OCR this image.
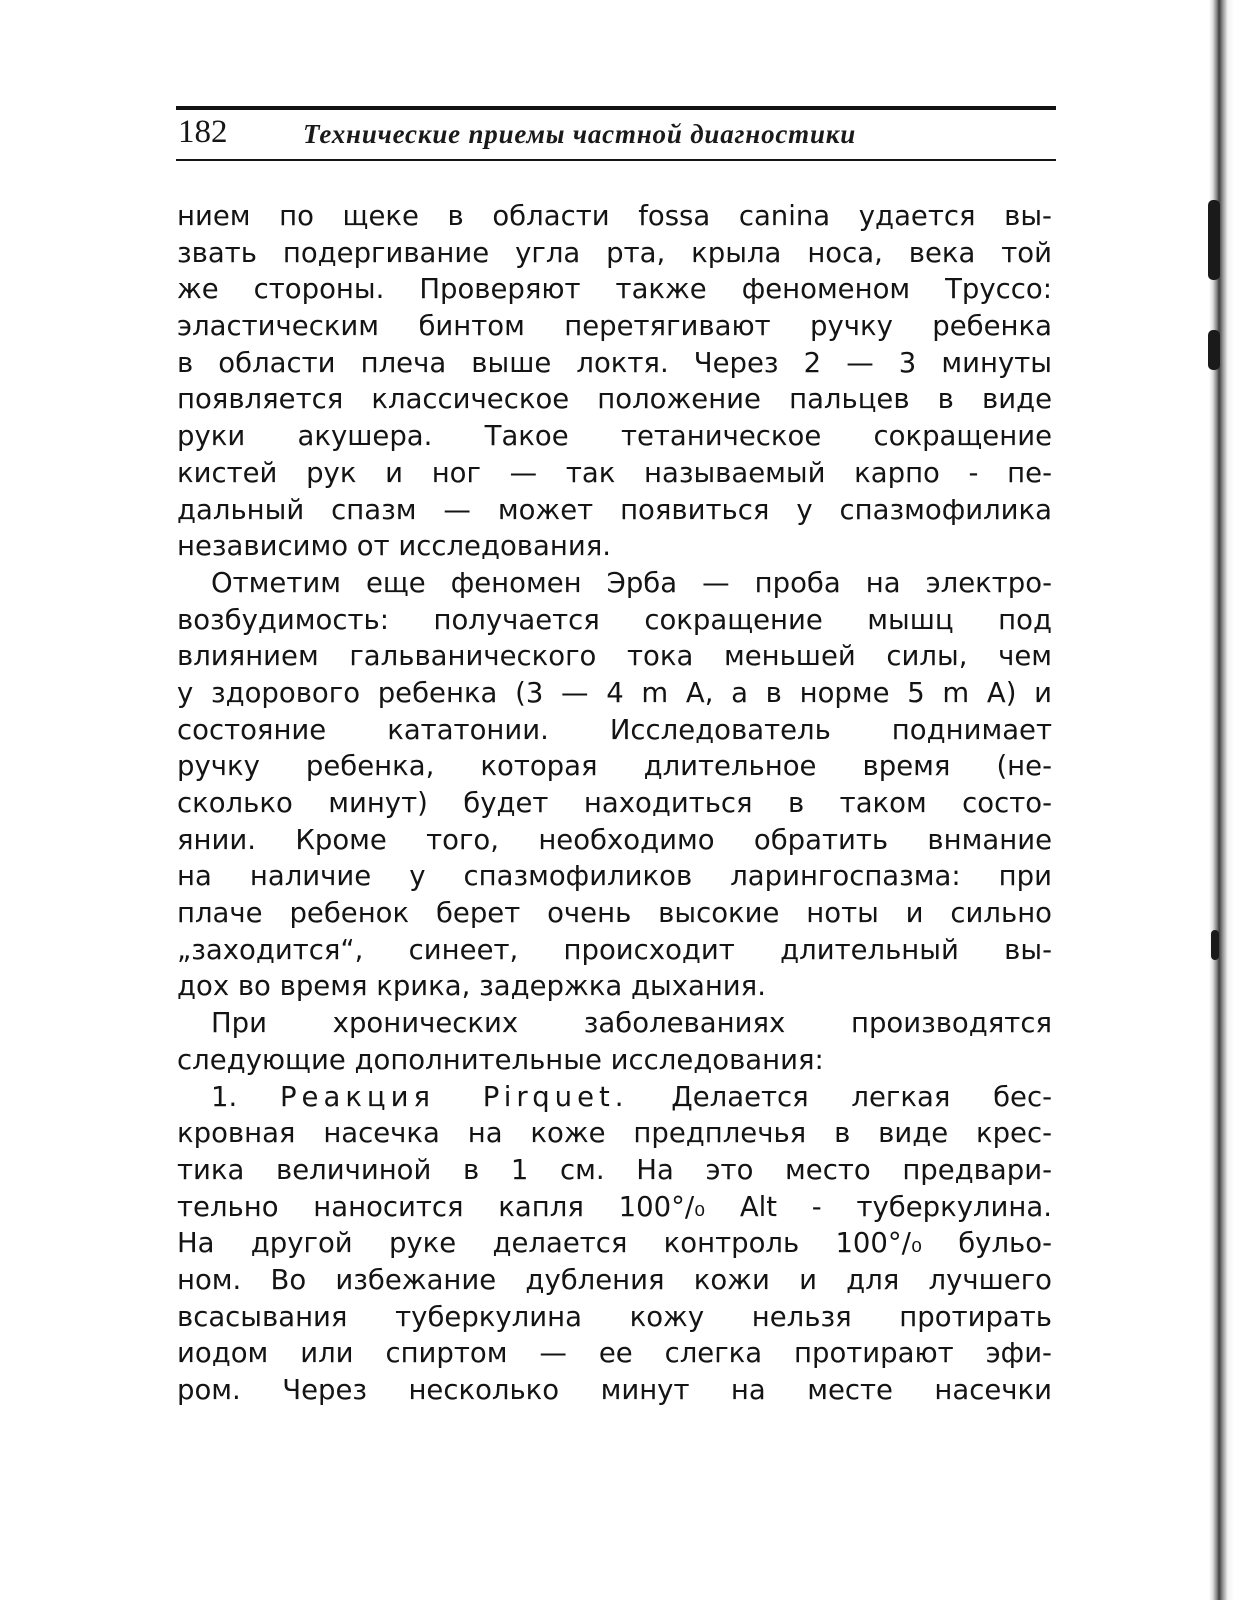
182	Технические приемы частной диагностики
нием по щеке в области fossa canina удается вы-
звать подергивание угла рта, крыла носа, века той
же стороны. Проверяют также феноменом Труссо:
эластическим бинтом перетягивают ручку ребенка
в области плеча выше локтя. Через 2 — 3 минуты
появляется классическое положение пальцев в виде
руки акушера. Такое тетаническое сокращение
кистей рук и ног — так называемый карпо - пе-
дальный спазм — может появиться у спазмофилика
независимо от исследования.
Отметим еще феномен Эрба — проба на электро-
возбудимость: получается сокращение мышц под
влиянием гальванического тока меньшей силы, чем
у здорового ребенка (3 — 4 m A, а в норме 5 m A) и
состояние кататонии. Исследователь поднимает
ручку ребенка, которая длительное время (не-
сколько минут) будет находиться в таком состо-
янии. Кроме того, необходимо обратить внмание
на наличие у спазмофиликов ларингоспазма: при
плаче ребенок берет очень высокие ноты и сильно
„заходится“, синеет, происходит длительный вы-
дох во время крика, задержка дыхания.
При хронических заболеваниях производятся
следующие дополнительные исследования:
1. Реакция Pirquet. Делается легкая бес-
кровная насечка на коже предплечья в виде крес-
тика величиной в 1 см. На это место предвари-
тельно наносится капля 100°/₀ Alt - туберкулина.
На другой руке делается контроль 100°/₀ бульо-
ном. Во избежание дубления кожи и для лучшего
всасывания туберкулина кожу нельзя протирать
иодом или спиртом — ее слегка протирают эфи-
ром. Через несколько минут на месте насечки
